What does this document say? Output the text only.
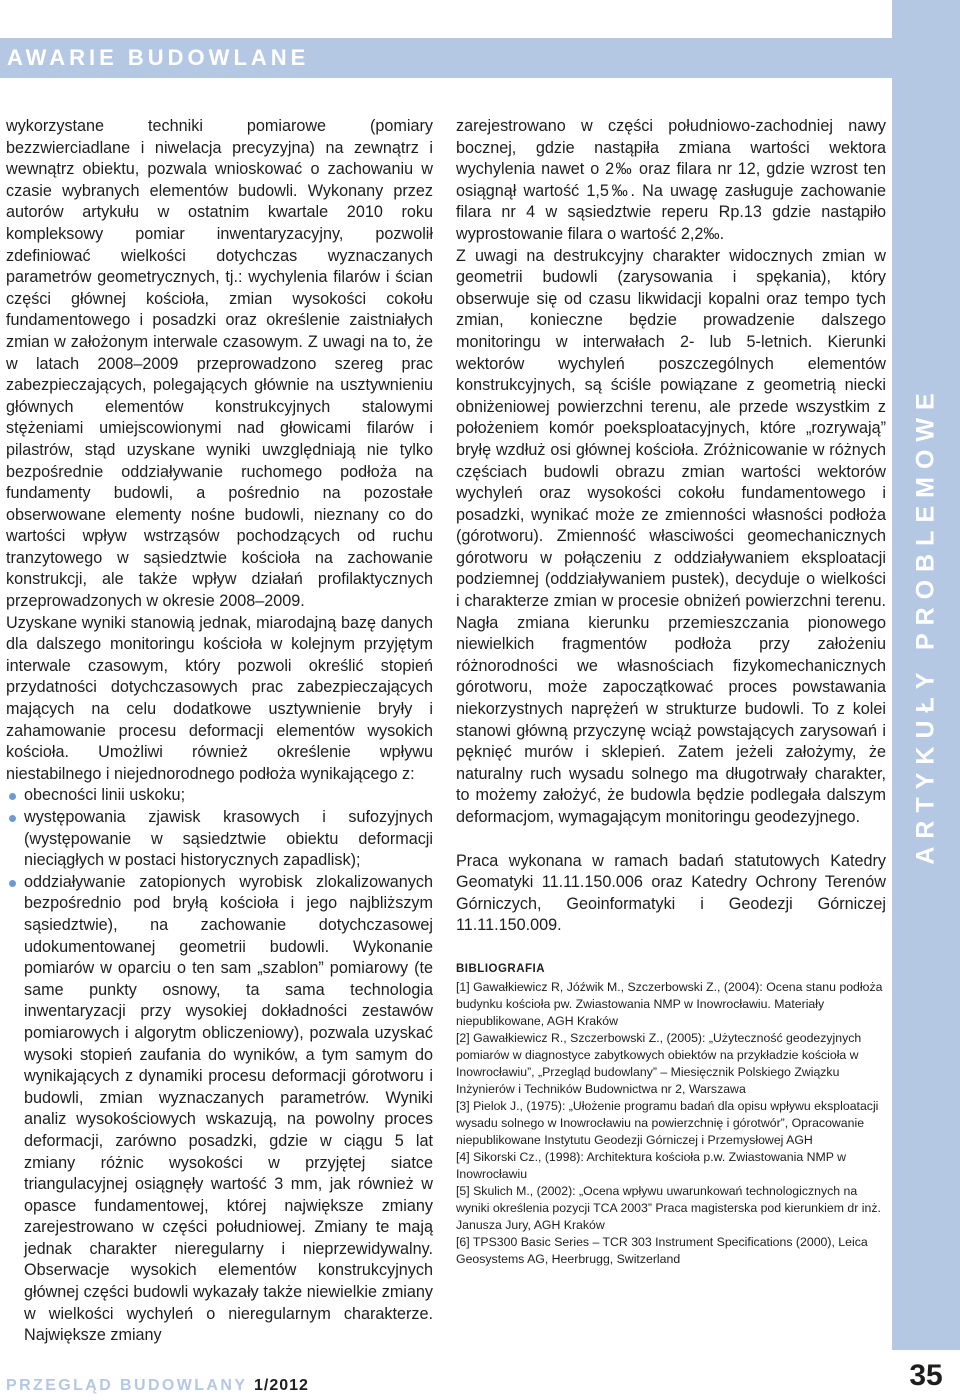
AWARIE BUDOWLANE
ARTYKUŁY PROBLEMOWE
35

wykorzystane techniki pomiarowe (pomiary bezzwierciadlane i niwelacja precyzyjna) na zewnątrz i wewnątrz obiektu, pozwala wnioskować o zachowaniu w czasie wybranych elementów budowli. Wykonany przez autorów artykułu w ostatnim kwartale 2010 roku kompleksowy pomiar inwentaryzacyjny, pozwolił zdefiniować wielkości dotychczas wyznaczanych parametrów geometrycznych, tj.: wychylenia filarów i ścian części głównej kościoła, zmian wysokości cokołu fundamentowego i posadzki oraz określenie zaistniałych zmian w założonym interwale czasowym. Z uwagi na to, że w latach 2008–2009 przeprowadzono szereg prac zabezpieczających, polegających głównie na usztywnieniu głównych elementów konstrukcyjnych stalowymi stężeniami umiejscowionymi nad głowicami filarów i pilastrów, stąd uzyskane wyniki uwzględniają nie tylko bezpośrednie oddziaływanie ruchomego podłoża na fundamenty budowli, a pośrednio na pozostałe obserwowane elementy nośne budowli, nieznany co do wartości wpływ wstrząsów pochodzących od ruchu tranzytowego w sąsiedztwie kościoła na zachowanie konstrukcji, ale także wpływ działań profilaktycznych przeprowadzonych w okresie 2008–2009.

Uzyskane wyniki stanowią jednak, miarodajną bazę danych dla dalszego monitoringu kościoła w kolejnym przyjętym interwale czasowym, który pozwoli określić stopień przydatności dotychczasowych prac zabezpieczających mających na celu dodatkowe usztywnienie bryły i zahamowanie procesu deformacji elementów wysokich kościoła. Umożliwi również określenie wpływu niestabilnego i niejednorodnego podłoża wynikającego z:

obecności linii uskoku;
występowania zjawisk krasowych i sufozyjnych (występowanie w sąsiedztwie obiektu deformacji nieciągłych w postaci historycznych zapadlisk);
oddziaływanie zatopionych wyrobisk zlokalizowanych bezpośrednio pod bryłą kościoła i jego najbliższym sąsiedztwie), na zachowanie dotychczasowej udokumentowanej geometrii budowli. Wykonanie pomiarów w oparciu o ten sam „szablon” pomiarowy (te same punkty osnowy, ta sama technologia inwentaryzacji przy wysokiej dokładności zestawów pomiarowych i algorytm obliczeniowy), pozwala uzyskać wysoki stopień zaufania do wyników, a tym samym do wynikających z dynamiki procesu deformacji górotworu i budowli, zmian wyznaczanych parametrów. Wyniki analiz wysokościowych wskazują, na powolny proces deformacji, zarówno posadzki, gdzie w ciągu 5 lat zmiany różnic wysokości w przyjętej siatce triangulacyjnej osiągnęły wartość 3 mm, jak również w opasce fundamentowej, której największe zmiany zarejestrowano w części południowej. Zmiany te mają jednak charakter nieregularny i nieprzewidywalny. Obserwacje wysokich elementów konstrukcyjnych głównej części budowli wykazały także niewielkie zmiany w wielkości wychyleń o nieregularnym charakterze. Największe zmiany

zarejestrowano w części południowo-zachodniej nawy bocznej, gdzie nastąpiła zmiana wartości wektora wychylenia nawet o 2‰ oraz filara nr 12, gdzie wzrost ten osiągnął wartość 1,5‰. Na uwagę zasługuje zachowanie filara nr 4 w sąsiedztwie reperu Rp.13 gdzie nastąpiło wyprostowanie filara o wartość 2,2‰.

Z uwagi na destrukcyjny charakter widocznych zmian w geometrii budowli (zarysowania i spękania), który obserwuje się od czasu likwidacji kopalni oraz tempo tych zmian, konieczne będzie prowadzenie dalszego monitoringu w interwałach 2- lub 5-letnich. Kierunki wektorów wychyleń poszczególnych elementów konstrukcyjnych, są ściśle powiązane z geometrią niecki obniżeniowej powierzchni terenu, ale przede wszystkim z położeniem komór poeksploatacyjnych, które „rozrywają” bryłę wzdłuż osi głównej kościoła. Zróżnicowanie w różnych częściach budowli obrazu zmian wartości wektorów wychyleń oraz wysokości cokołu fundamentowego i posadzki, wynikać może ze zmienności własności podłoża (górotworu). Zmienność własciwości geomechanicznych górotworu w połączeniu z oddziaływaniem eksploatacji podziemnej (oddziaływaniem pustek), decyduje o wielkości i charakterze zmian w procesie obniżeń powierzchni terenu. Nagła zmiana kierunku przemieszczania pionowego niewielkich fragmentów podłoża przy założeniu różnorodności we własnościach fizykomechanicznych górotworu, może zapoczątkować proces powstawania niekorzystnych naprężeń w strukturze budowli. To z kolei stanowi główną przyczynę wciąż powstających zarysowań i pęknięć murów i sklepień. Zatem jeżeli założymy, że naturalny ruch wysadu solnego ma długotrwały charakter, to możemy założyć, że budowla będzie podlegała dalszym deformacjom, wymagającym monitoringu geodezyjnego.

Praca wykonana w ramach badań statutowych Katedry Geomatyki 11.11.150.006 oraz Katedry Ochrony Terenów Górniczych, Geoinformatyki i Geodezji Górniczej 11.11.150.009.

BIBLIOGRAFIA
[1] Gawałkiewicz R, Jóźwik M., Szczerbowski Z., (2004): Ocena stanu podłoża budynku kościoła pw. Zwiastowania NMP w Inowrocławiu. Materiały niepublikowane, AGH Kraków
[2] Gawałkiewicz R., Szczerbowski Z., (2005): „Użyteczność geodezyjnych pomiarów w diagnostyce zabytkowych obiektów na przykładzie kościoła w Inowrocławiu”, „Przegląd budowlany” – Miesięcznik Polskiego Związku Inżynierów i Techników Budownictwa nr 2, Warszawa
[3] Pielok J., (1975): „Ułożenie programu badań dla opisu wpływu eksploatacji wysadu solnego w Inowrocławiu na powierzchnię i górotwór”, Opracowanie niepublikowane Instytutu Geodezji Górniczej i Przemysłowej AGH
[4] Sikorski Cz., (1998): Architektura kościoła p.w. Zwiastowania NMP w Inowrocławiu
[5] Skulich M., (2002): „Ocena wpływu uwarunkowań technologicznych na wyniki określenia pozycji TCA 2003” Praca magisterska pod kierunkiem dr inż. Janusza Jury, AGH Kraków
[6] TPS300 Basic Series – TCR 303 Instrument Specifications (2000), Leica Geosystems AG, Heerbrugg, Switzerland
PRZEGLĄD BUDOWLANY 1/2012
